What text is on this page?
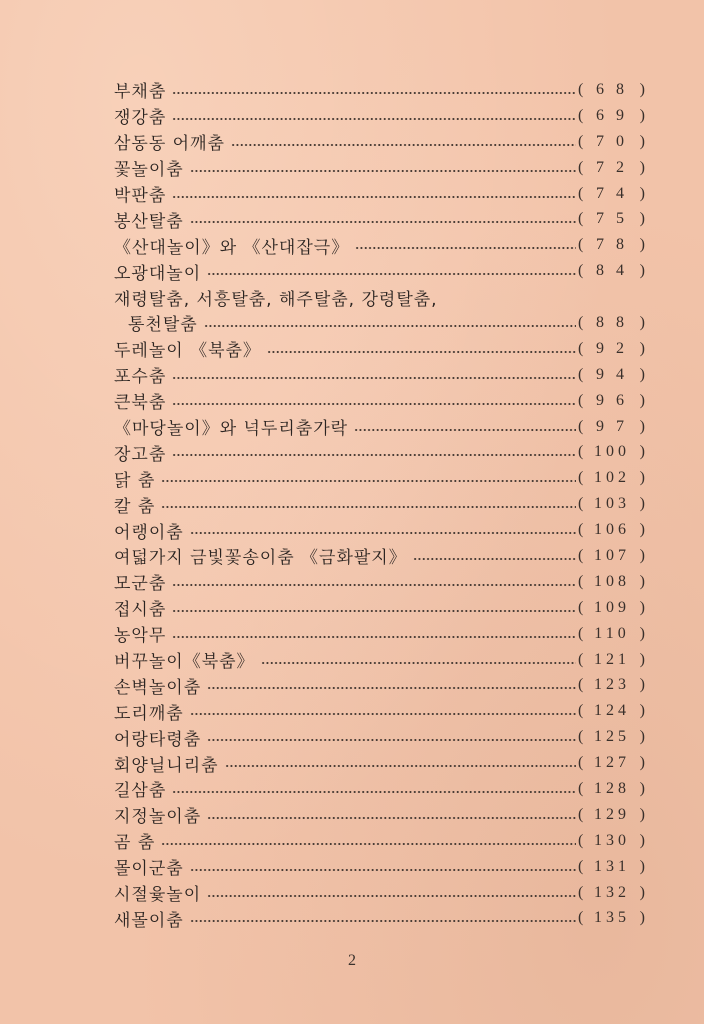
부채춤	( 6 8 )
쟁강춤	( 6 9 )
삼동동 어깨춤	( 7 0 )
꽃놀이춤	( 7 2 )
박판춤	( 7 4 )
봉산탈춤	( 7 5 )
《산대놀이》와 《산대잡극》	( 7 8 )
오광대놀이	( 8 4 )
재령탈춤, 서흥탈춤, 해주탈춤, 강령탈춤,
통천탈춤	( 8 8 )
두레놀이 《북춤》	( 9 2 )
포수춤	( 9 4 )
큰북춤	( 9 6 )
《마당놀이》와 넉두리춤가락	( 9 7 )
장고춤	( 100 )
닭 춤	( 102 )
칼 춤	( 103 )
어랭이춤	( 106 )
여덟가지 금빛꽃송이춤 《금화팔지》	( 107 )
모군춤	( 108 )
접시춤	( 109 )
농악무	( 110 )
버꾸놀이《북춤》	( 121 )
손벽놀이춤	( 123 )
도리깨춤	( 124 )
어랑타령춤	( 125 )
회양닐니리춤	( 127 )
길삼춤	( 128 )
지정놀이춤	( 129 )
곰 춤	( 130 )
몰이군춤	( 131 )
시절윷놀이	( 132 )
새몰이춤	( 135 )
2
